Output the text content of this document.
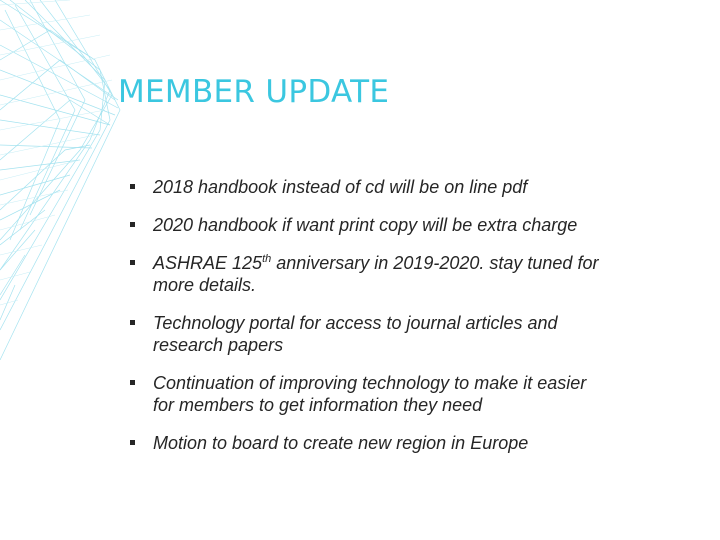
MEMBER UPDATE
2018 handbook instead of cd will be on line pdf
2020 handbook if want print copy will be extra charge
ASHRAE 125th anniversary in 2019-2020. stay tuned for more details.
Technology portal for access to journal articles and research papers
Continuation of improving technology to make it easier for members to get information they need
Motion to board to create new region in Europe
